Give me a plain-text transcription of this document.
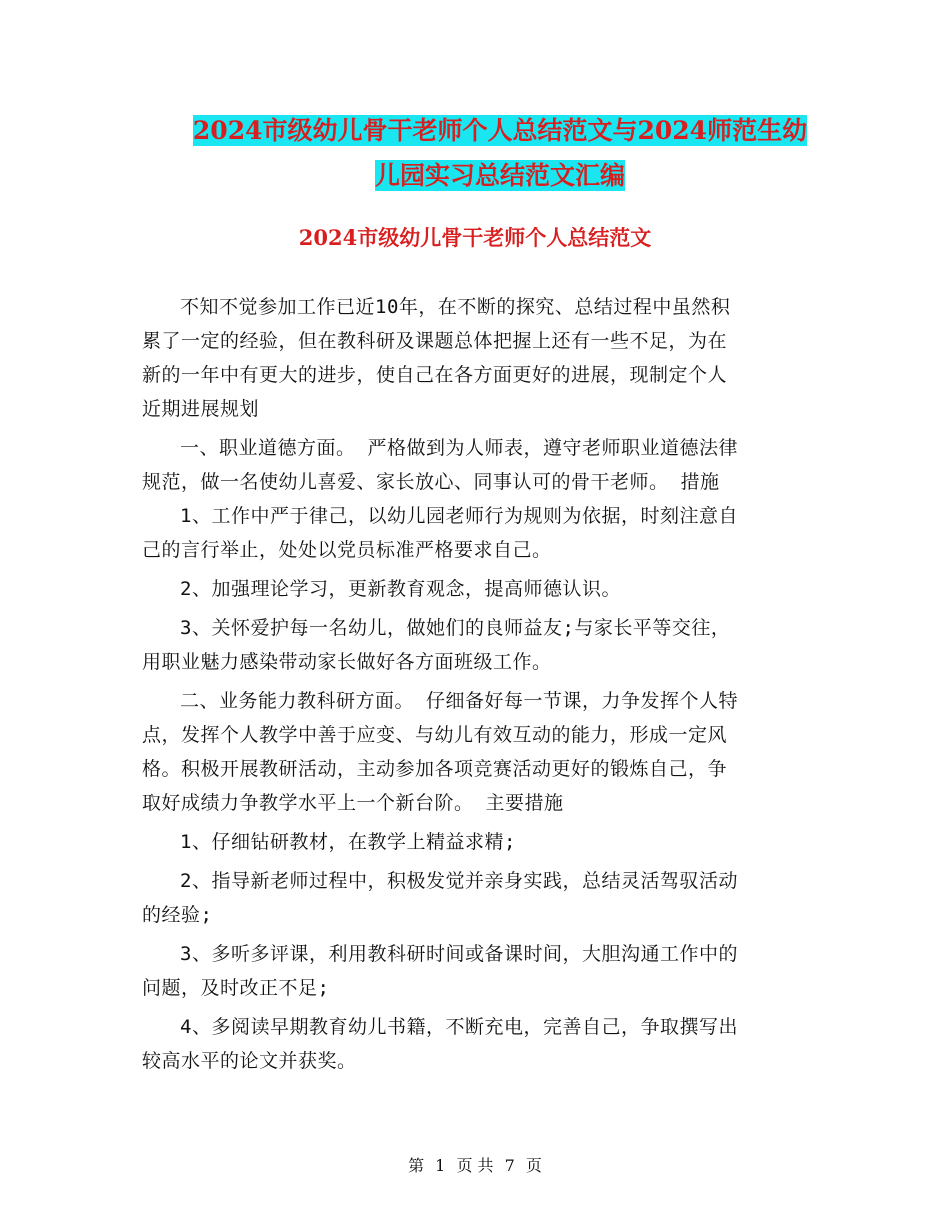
2024市级幼儿骨干老师个人总结范文与2024师范生幼
儿园实习总结范文汇编
2024市级幼儿骨干老师个人总结范文

不知不觉参加工作已近10年，在不断的探究、总结过程中虽然积
累了一定的经验，但在教科研及课题总体把握上还有一些不足，为在
新的一年中有更大的进步，使自己在各方面更好的进展，现制定个人
近期进展规划

一、职业道德方面。 严格做到为人师表，遵守老师职业道德法律
规范，做一名使幼儿喜爱、家长放心、同事认可的骨干老师。 措施

1、工作中严于律己，以幼儿园老师行为规则为依据，时刻注意自
己的言行举止，处处以党员标准严格要求自己。

2、加强理论学习，更新教育观念，提高师德认识。

3、关怀爱护每一名幼儿，做她们的良师益友;与家长平等交往，
用职业魅力感染带动家长做好各方面班级工作。

二、业务能力教科研方面。 仔细备好每一节课，力争发挥个人特
点，发挥个人教学中善于应变、与幼儿有效互动的能力，形成一定风
格。积极开展教研活动，主动参加各项竞赛活动更好的锻炼自己，争
取好成绩力争教学水平上一个新台阶。 主要措施

1、仔细钻研教材，在教学上精益求精;

2、指导新老师过程中，积极发觉并亲身实践，总结灵活驾驭活动
的经验;

3、多听多评课，利用教科研时间或备课时间，大胆沟通工作中的
问题，及时改正不足;

4、多阅读早期教育幼儿书籍，不断充电，完善自己，争取撰写出
较高水平的论文并获奖。

第 1 页 共 7 页
